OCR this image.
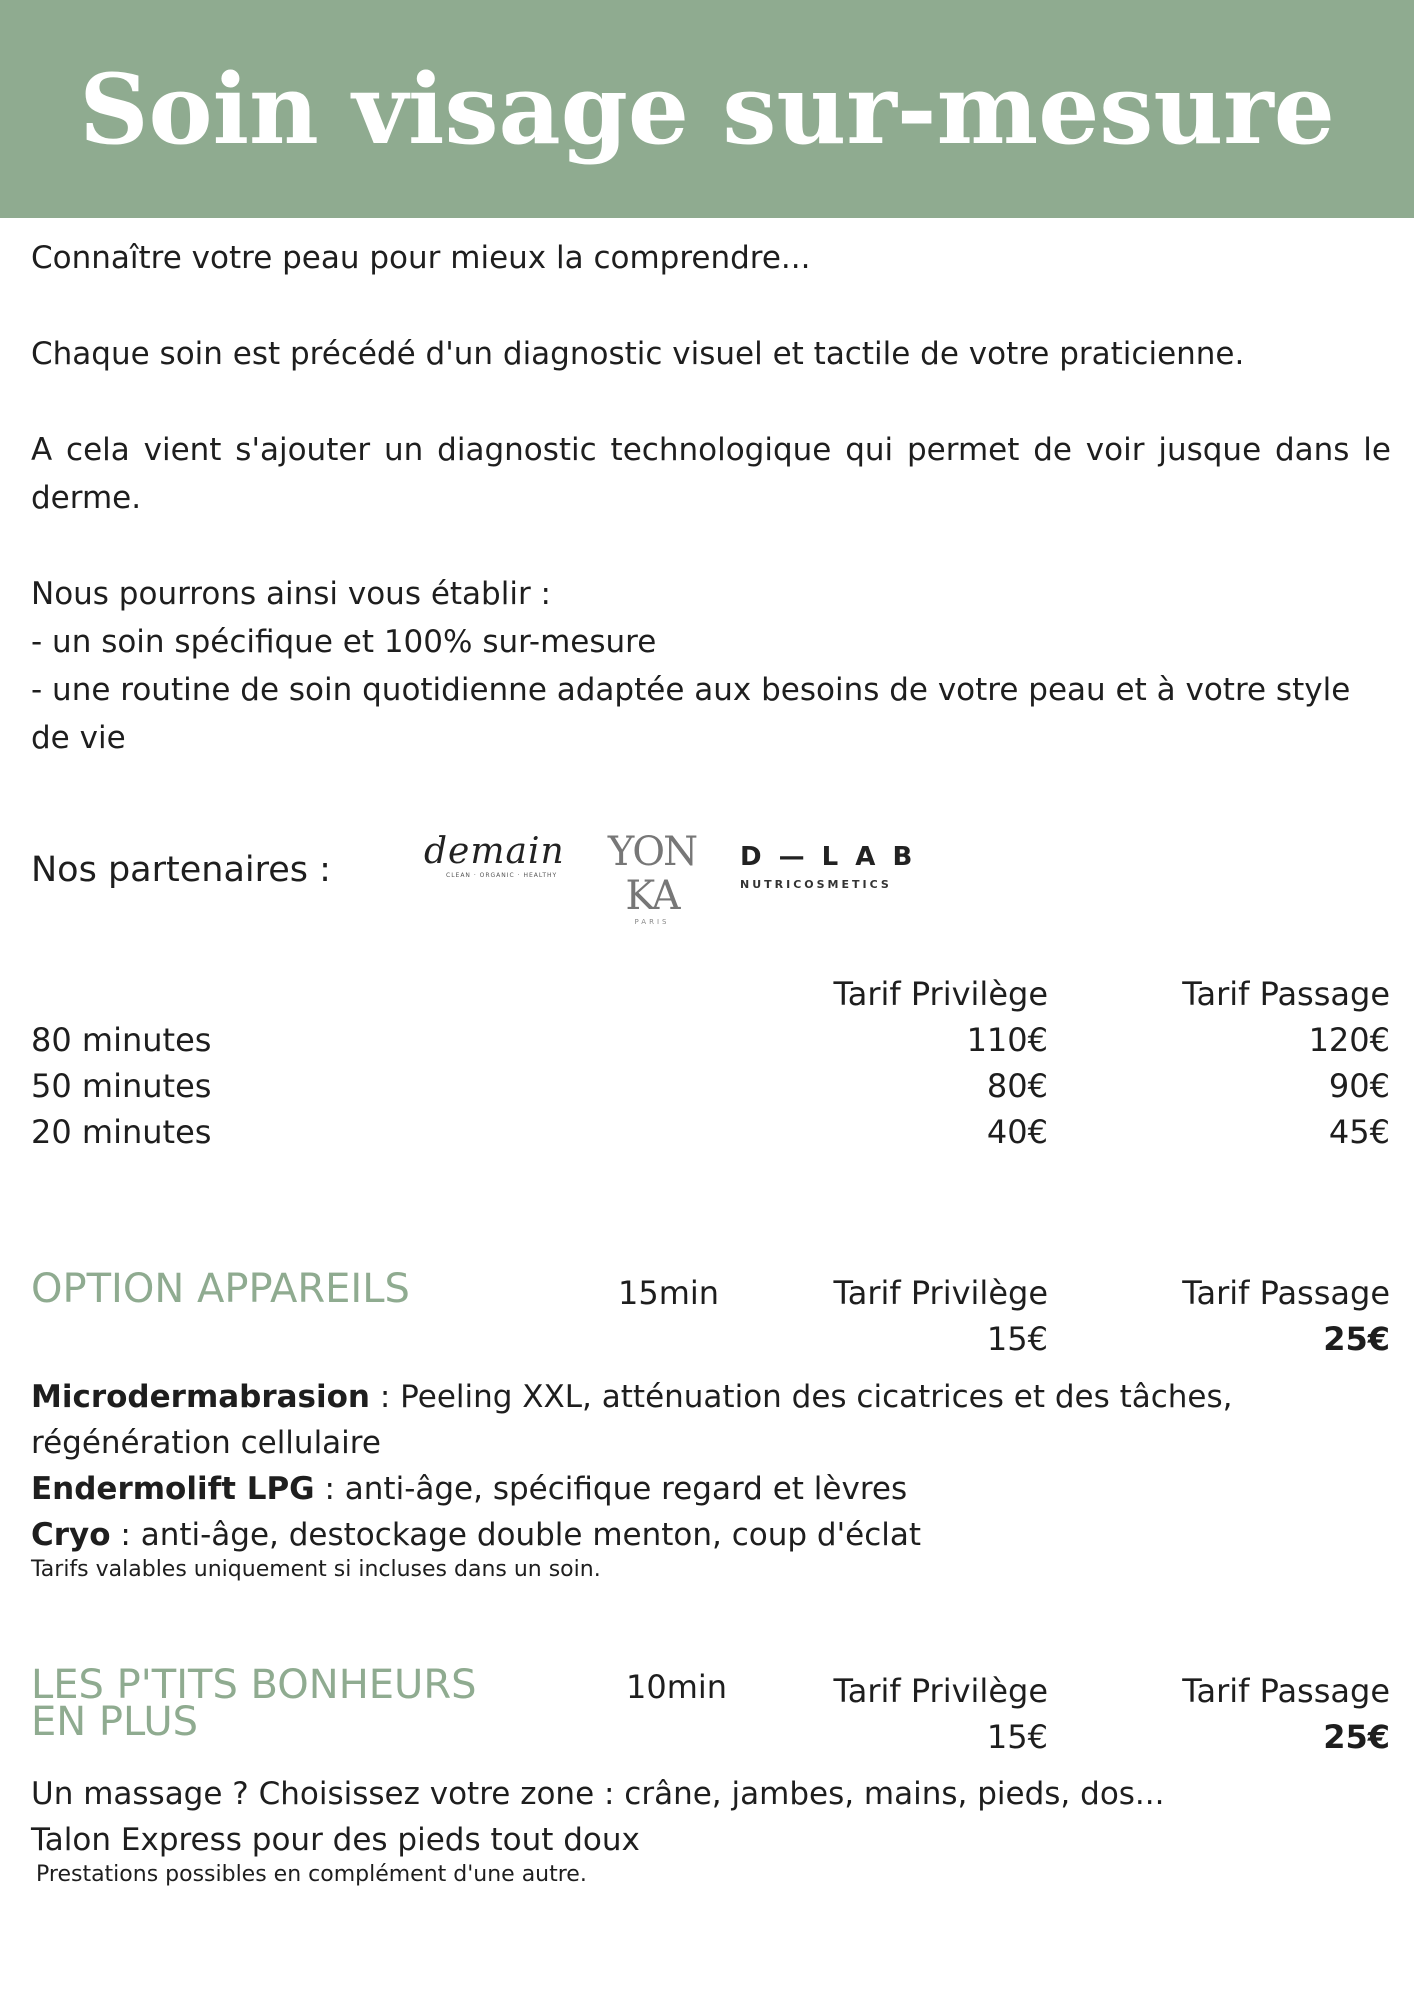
Soin visage sur-mesure

Connaître votre peau pour mieux la comprendre...

Chaque soin est précédé d'un diagnostic visuel et tactile de votre praticienne.

A cela vient s'ajouter un diagnostic technologique qui permet de voir jusque dans le derme.

Nous pourrons ainsi vous établir :

- un soin spécifique et 100% sur-mesure

- une routine de soin quotidienne adaptée aux besoins de votre peau et à votre style de vie

Nos partenaires :	demain
CLEAN · ORGANIC · HEALTHY
YON KA
PARIS
D — L A B
NUTRICOSMETICS
Tarif Privilège	Tarif Passage
80 minutes	110€	120€
50 minutes	80€	90€
20 minutes	40€	45€
OPTION APPAREILS	15min	Tarif Privilège	Tarif Passage
15€	25€
Microdermabrasion : Peeling XXL, atténuation des cicatrices et des tâches, régénération cellulaire
Endermolift LPG : anti-âge, spécifique regard et lèvres
Cryo : anti-âge, destockage double menton, coup d'éclat
Tarifs valables uniquement si incluses dans un soin.
LES P'TITS BONHEURS
EN PLUS
10min	Tarif Privilège	Tarif Passage
15€	25€
Un massage ? Choisissez votre zone : crâne, jambes, mains, pieds, dos...
Talon Express pour des pieds tout doux
Prestations possibles en complément d'une autre.
